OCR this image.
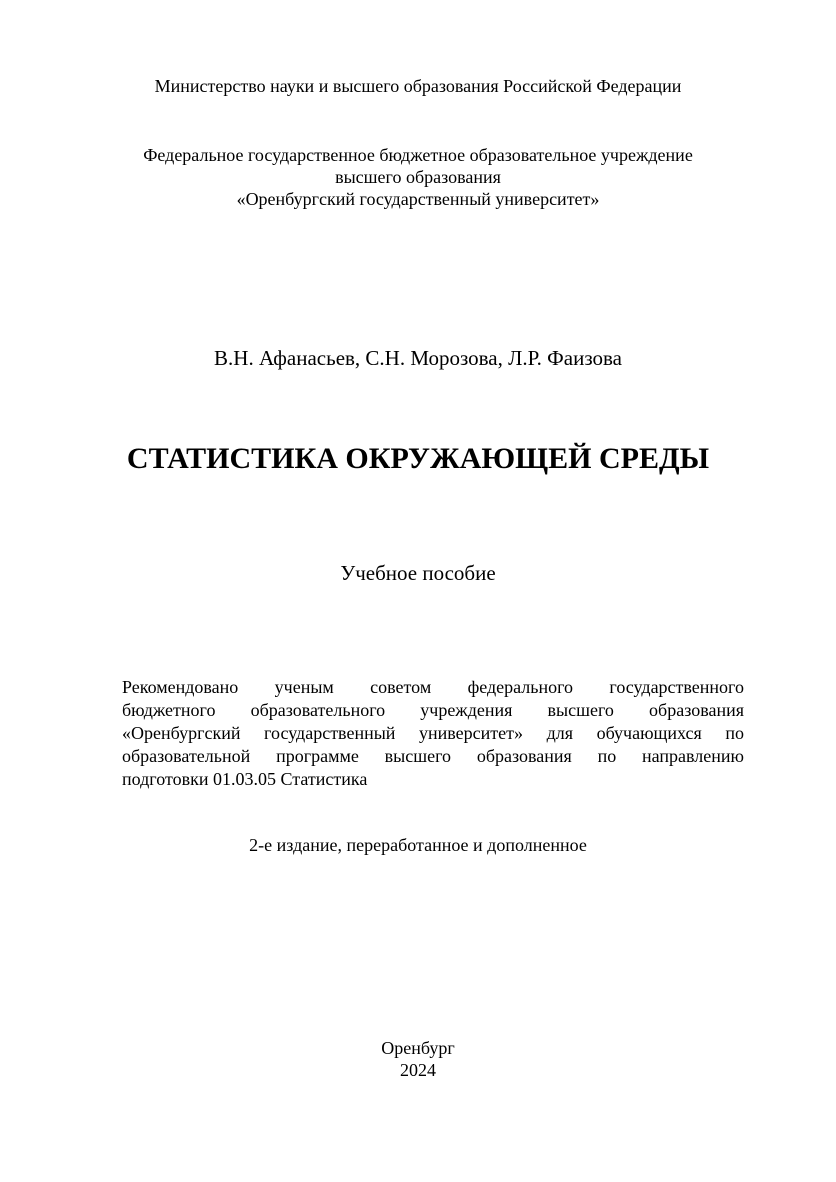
Министерство науки и высшего образования Российской Федерации
Федеральное государственное бюджетное образовательное учреждение
высшего образования
«Оренбургский государственный университет»
В.Н. Афанасьев, С.Н. Морозова, Л.Р. Фаизова
СТАТИСТИКА ОКРУЖАЮЩЕЙ СРЕДЫ
Учебное пособие
Рекомендовано ученым советом федерального государственного
бюджетного образовательного учреждения высшего образования
«Оренбургский государственный университет» для обучающихся по
образовательной программе высшего образования по направлению
подготовки 01.03.05 Статистика
2-е издание, переработанное и дополненное
Оренбург
2024
